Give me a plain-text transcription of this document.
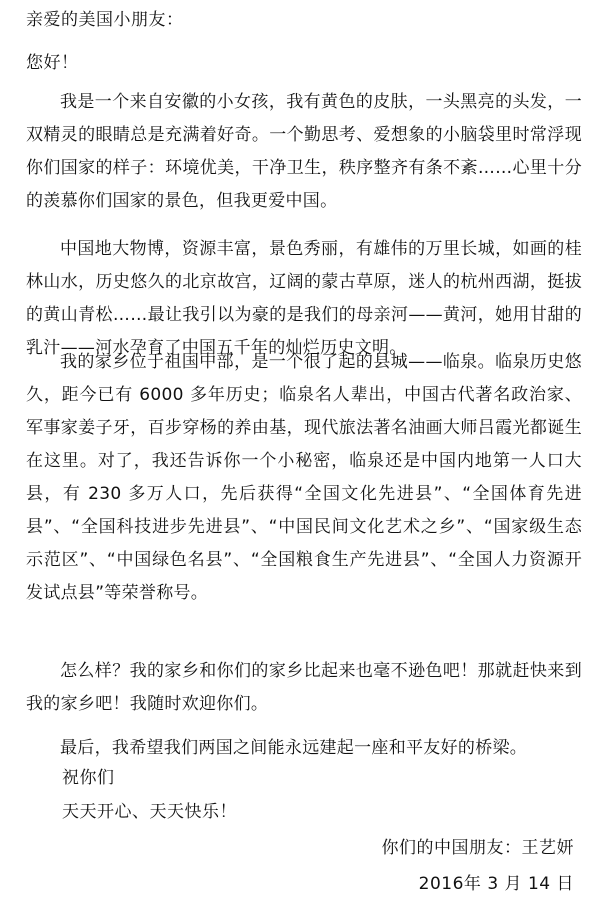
亲爱的美国小朋友：
您好！
我是一个来自安徽的小女孩，我有黄色的皮肤，一头黑亮的头发，一双精灵的眼睛总是充满着好奇。一个勤思考、爱想象的小脑袋里时常浮现你们国家的样子：环境优美，干净卫生，秩序整齐有条不紊……心里十分的羡慕你们国家的景色，但我更爱中国。
中国地大物博，资源丰富，景色秀丽，有雄伟的万里长城，如画的桂林山水，历史悠久的北京故宫，辽阔的蒙古草原，迷人的杭州西湖，挺拔的黄山青松……最让我引以为豪的是我们的母亲河——黄河，她用甘甜的乳汁——河水孕育了中国五千年的灿烂历史文明。
我的家乡位于祖国中部，是一个很了起的县城——临泉。临泉历史悠久，距今已有 6000 多年历史；临泉名人辈出，中国古代著名政治家、军事家姜子牙，百步穿杨的养由基，现代旅法著名油画大师吕霞光都诞生在这里。对了，我还告诉你一个小秘密，临泉还是中国内地第一人口大县，有 230 多万人口，先后获得“全国文化先进县”、“全国体育先进县”、“全国科技进步先进县”、“中国民间文化艺术之乡”、“国家级生态示范区”、“中国绿色名县”、“全国粮食生产先进县”、“全国人力资源开发试点县”等荣誉称号。
怎么样？我的家乡和你们的家乡比起来也毫不逊色吧！那就赶快来到我的家乡吧！我随时欢迎你们。
最后，我希望我们两国之间能永远建起一座和平友好的桥梁。
祝你们
天天开心、天天快乐！
你们的中国朋友：王艺妍
2016年 3 月 14 日
